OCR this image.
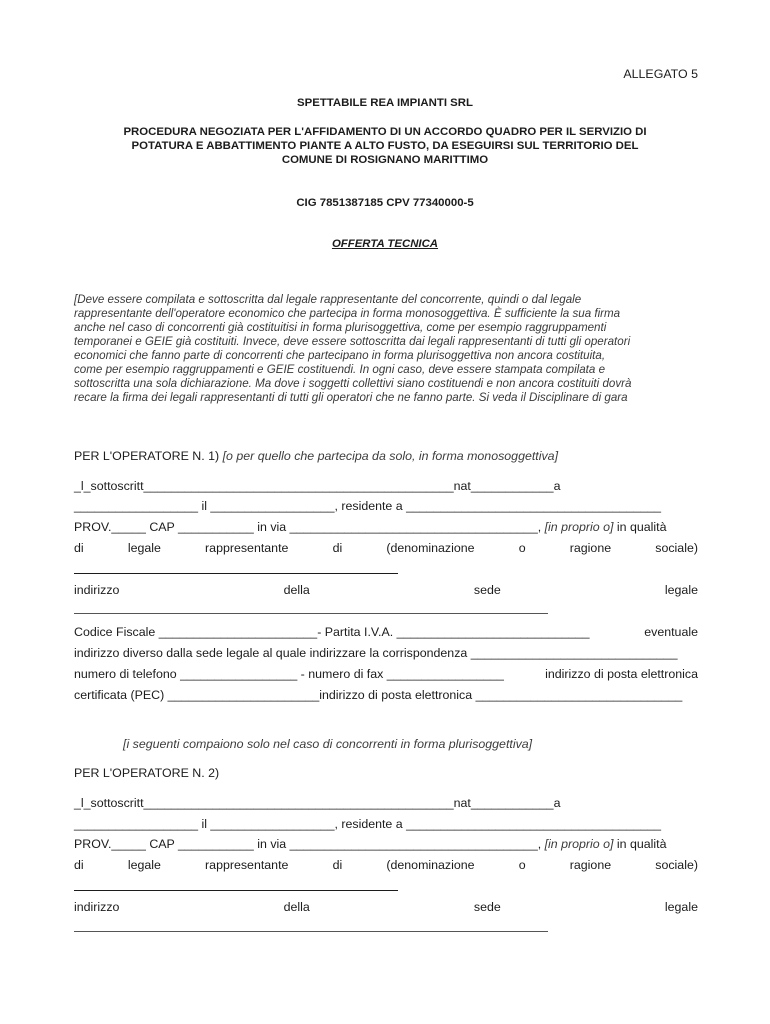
ALLEGATO 5
SPETTABILE REA IMPIANTI SRL
PROCEDURA NEGOZIATA PER L'AFFIDAMENTO DI UN ACCORDO QUADRO PER IL SERVIZIO DI
POTATURA E ABBATTIMENTO PIANTE A ALTO FUSTO, DA ESEGUIRSI SUL TERRITORIO DEL
COMUNE DI ROSIGNANO MARITTIMO
CIG 7851387185 CPV 77340000-5
OFFERTA TECNICA
[Deve essere compilata e sottoscritta dal legale rappresentante del concorrente, quindi o dal legale
rappresentante dell'operatore economico che partecipa in forma monosoggettiva. È sufficiente la sua firma
anche nel caso di concorrenti già costituitisi in forma plurisoggettiva, come per esempio raggruppamenti
temporanei e GEIE già costituiti. Invece, deve essere sottoscritta dai legali rappresentanti di tutti gli operatori
economici che fanno parte di concorrenti che partecipano in forma plurisoggettiva non ancora costituita,
come per esempio raggruppamenti e GEIE costituendi. In ogni caso, deve essere stampata compilata e
sottoscritta una sola dichiarazione. Ma dove i soggetti collettivi siano costituendi e non ancora costituiti dovrà
recare la firma dei legali rappresentanti di tutti gli operatori che ne fanno parte. Si veda il Disciplinare di gara
PER L'OPERATORE N. 1) [o per quello che partecipa da solo, in forma monosoggettiva]
_l_sottoscritt_____________________________________________nat____________a
__________________ il __________________, residente a _____________________________________
PROV._____ CAP ___________ in via ____________________________________, [in proprio o] in qualità
di	legale	rappresentante	di	(denominazione	o	ragione	sociale)
indirizzo	della	sede	legale
Codice Fiscale _______________________- Partita I.V.A. ____________________________	eventuale
indirizzo diverso dalla sede legale al quale indirizzare la corrispondenza ______________________________
numero di telefono _________________ - numero di fax _________________	indirizzo di posta elettronica
certificata (PEC) ______________________indirizzo di posta elettronica ______________________________
[i seguenti compaiono solo nel caso di concorrenti in forma plurisoggettiva]
PER L'OPERATORE N. 2)
_l_sottoscritt_____________________________________________nat____________a
__________________ il __________________, residente a _____________________________________
PROV._____ CAP ___________ in via ____________________________________, [in proprio o] in qualità
di	legale	rappresentante	di	(denominazione	o	ragione	sociale)
indirizzo	della	sede	legale
